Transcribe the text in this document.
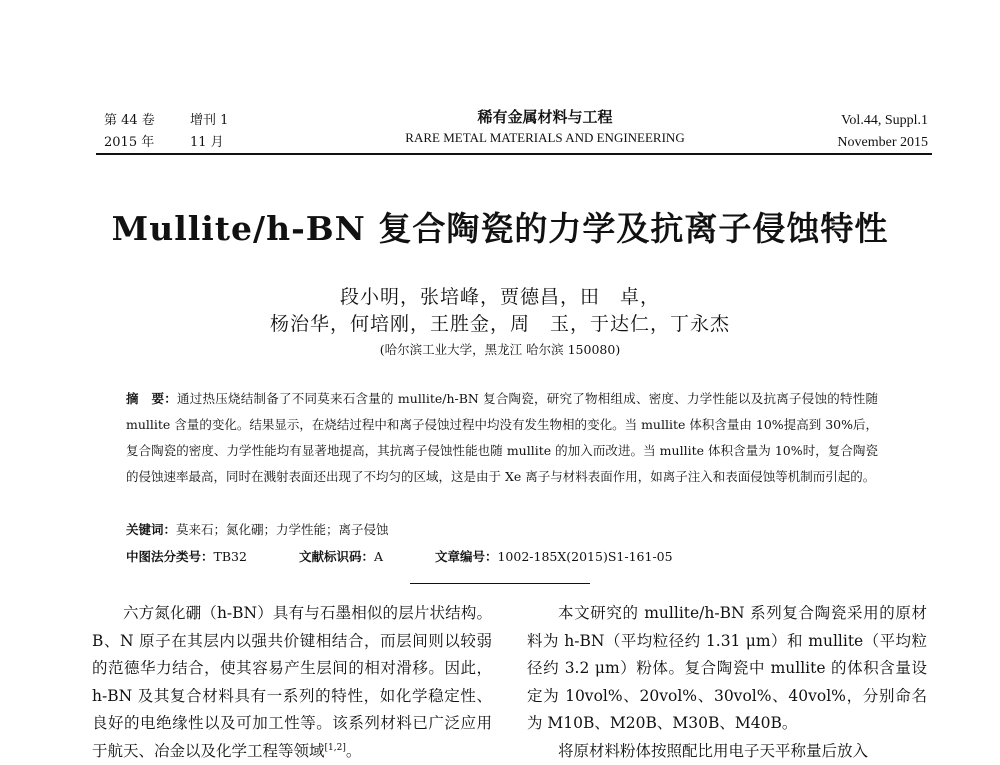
第 44 卷	增刊 1
2015 年	11 月
稀有金属材料与工程
RARE METAL MATERIALS AND ENGINEERING
Vol.44, Suppl.1
November 2015
Mullite/h-BN 复合陶瓷的力学及抗离子侵蚀特性
段小明，张培峰，贾德昌，田　卓，
杨治华，何培刚，王胜金，周　玉，于达仁，丁永杰
(哈尔滨工业大学，黑龙江 哈尔滨 150080)
摘　要：通过热压烧结制备了不同莫来石含量的 mullite/h-BN 复合陶瓷，研究了物相组成、密度、力学性能以及抗离子侵蚀的特性随 mullite 含量的变化。结果显示，在烧结过程中和离子侵蚀过程中均没有发生物相的变化。当 mullite 体积含量由 10%提高到 30%后，复合陶瓷的密度、力学性能均有显著地提高，其抗离子侵蚀性能也随 mullite 的加入而改进。当 mullite 体积含量为 10%时，复合陶瓷的侵蚀速率最高，同时在溅射表面还出现了不均匀的区域，这是由于 Xe 离子与材料表面作用，如离子注入和表面侵蚀等机制而引起的。
关键词：莫来石；氮化硼；力学性能；离子侵蚀
中图法分类号：TB32	文献标识码：A	文章编号：1002-185X(2015)S1-161-05

六方氮化硼（h-BN）具有与石墨相似的层片状结构。B、N 原子在其层内以强共价键相结合，而层间则以较弱的范德华力结合，使其容易产生层间的相对滑移。因此，h-BN 及其复合材料具有一系列的特性，如化学稳定性、良好的电绝缘性以及可加工性等。该系列材料已广泛应用于航天、冶金以及化学工程等领域[1,2]。

本文研究的 mullite/h-BN 系列复合陶瓷采用的原材料为 h-BN（平均粒径约 1.31 μm）和 mullite（平均粒径约 3.2 μm）粉体。复合陶瓷中 mullite 的体积含量设定为 10vol%、20vol%、30vol%、40vol%，分别命名为 M10B、M20B、M30B、M40B。

将原材料粉体按照配比用电子天平称量后放入
